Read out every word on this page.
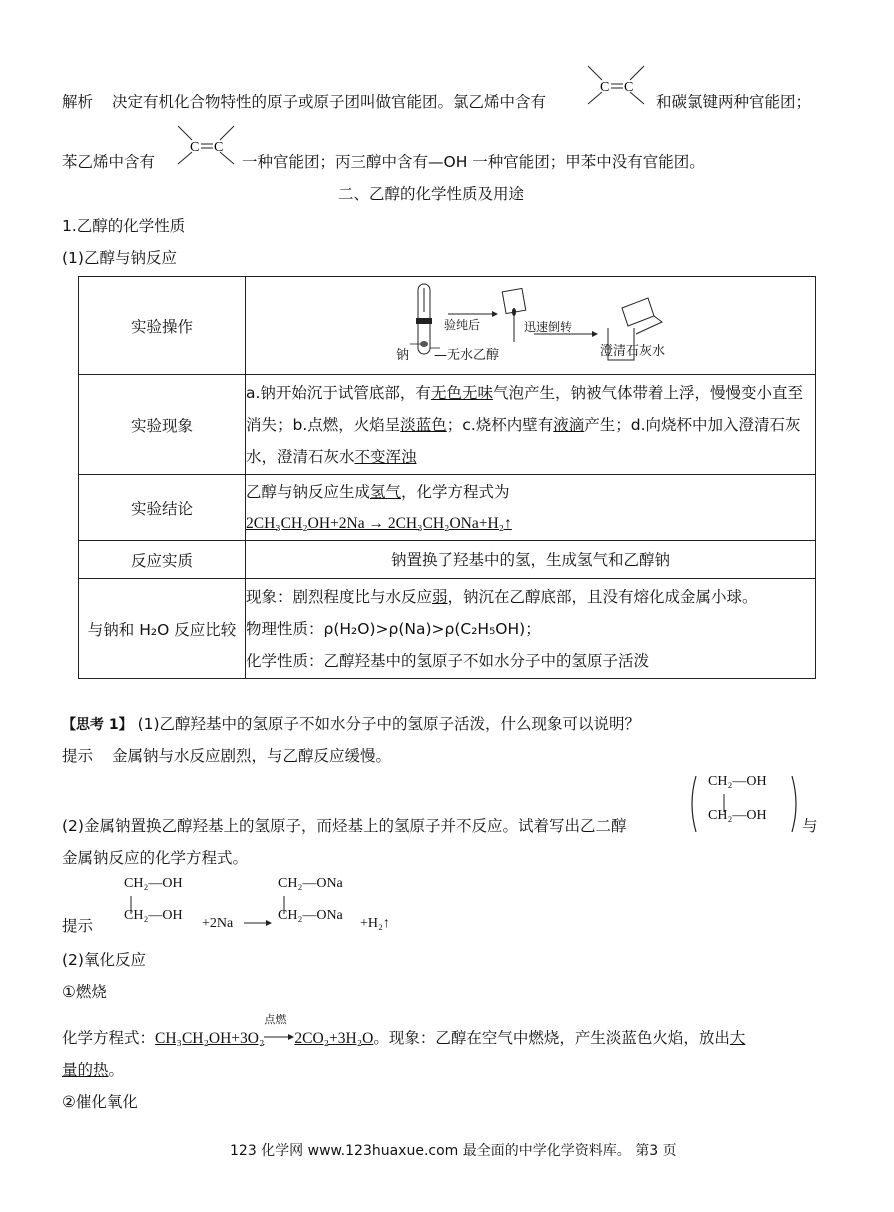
解析 决定有机化合物特性的原子或原子团叫做官能团。氯乙烯中含有
C C
和碳氯键两种官能团；
苯乙烯中含有
C C
一种官能团；丙三醇中含有—OH 一种官能团；甲苯中没有官能团。
二、乙醇的化学性质及用途
1.乙醇的化学性质
(1)乙醇与钠反应
实验操作	钠 —无水乙醇
验纯后 迅速倒转
澄清石灰水

实验现象	a.钠开始沉于试管底部，有无色无味气泡产生，钠被气体带着上浮，慢慢变小直至消失；b.点燃，火焰呈淡蓝色；c.烧杯内壁有液滴产生；d.向烧杯中加入澄清石灰水，澄清石灰水不变浑浊
实验结论	乙醇与钠反应生成氢气，化学方程式为
2CH₃CH₂OH+2Na → 2CH₃CH₂ONa+H₂↑

反应实质	钠置换了羟基中的氢，生成氢气和乙醇钠
与钠和 H₂O 反应比较	现象：剧烈程度比与水反应弱，钠沉在乙醇底部，且没有熔化成金属小球。
物理性质：ρ(H₂O)>ρ(Na)>ρ(C₂H₅OH)；
化学性质：乙醇羟基中的氢原子不如水分子中的氢原子活泼
【思考 1】 (1)乙醇羟基中的氢原子不如水分子中的氢原子活泼，什么现象可以说明？
提示 金属钠与水反应剧烈，与乙醇反应缓慢。
(2)金属钠置换乙醇羟基上的氢原子，而烃基上的氢原子并不反应。试着写出乙二醇
CH₂—OH
CH₂—OH
与
金属钠反应的化学方程式。
提示
CH₂—OH
CH₂—OH
+2Na
CH₂—ONa
CH₂—ONa
+H₂↑
(2)氧化反应
①燃烧
化学方程式：CH₃CH₂OH+3O₂
点燃
2CO₂+3H₂O。现象：乙醇在空气中燃烧，产生淡蓝色火焰，放出大
量的热。
②催化氧化
123 化学网 www.123huaxue.com 最全面的中学化学资料库。 第3 页
